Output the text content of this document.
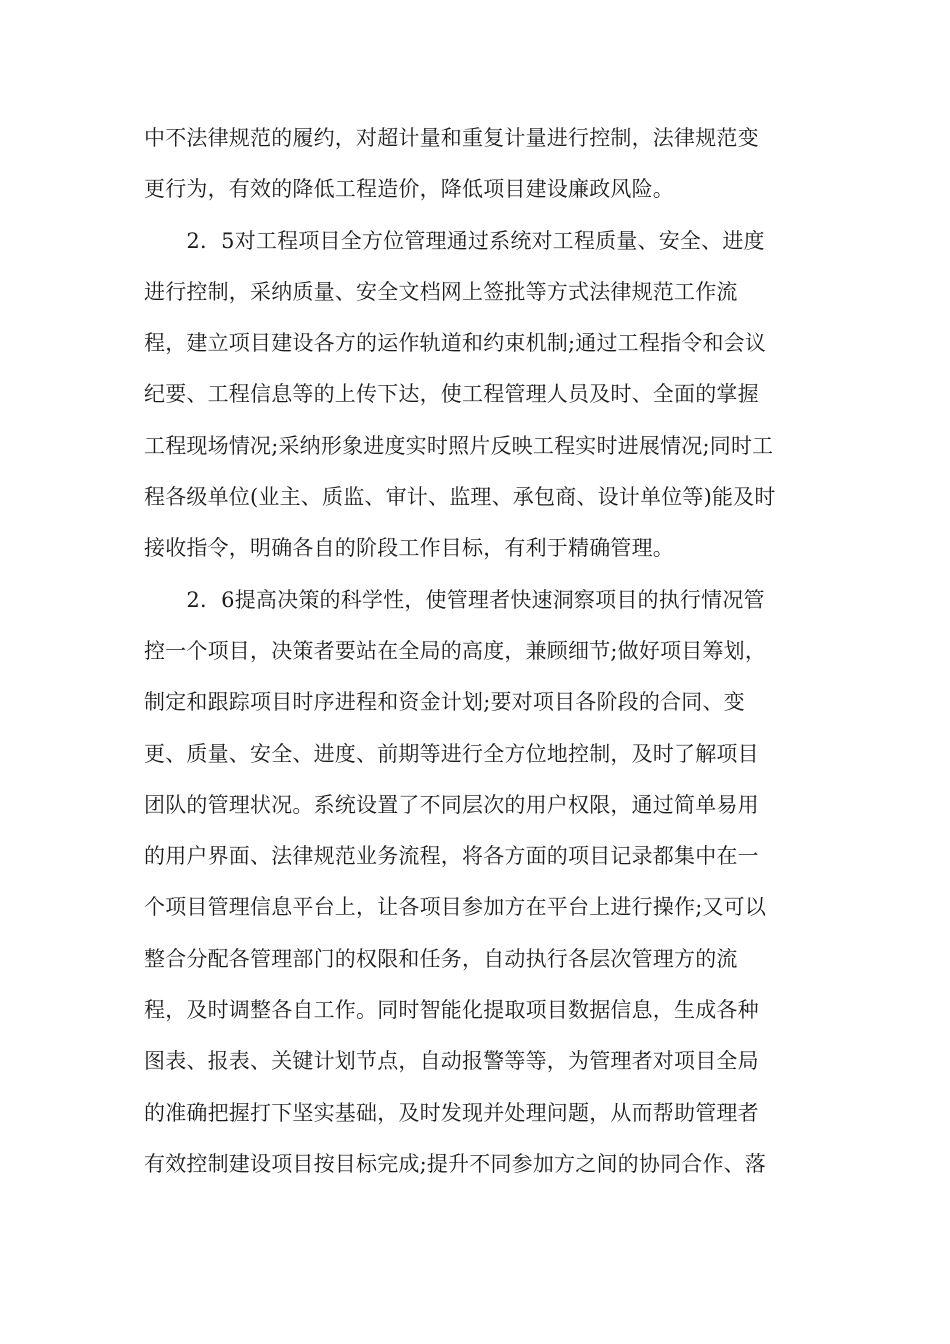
中不法律规范的履约，对超计量和重复计量进行控制，法律规范变
更行为，有效的降低工程造价，降低项目建设廉政风险。
　　2．5对工程项目全方位管理通过系统对工程质量、安全、进度
进行控制，采纳质量、安全文档网上签批等方式法律规范工作流
程，建立项目建设各方的运作轨道和约束机制;通过工程指令和会议
纪要、工程信息等的上传下达，使工程管理人员及时、全面的掌握
工程现场情况;采纳形象进度实时照片反映工程实时进展情况;同时工
程各级单位(业主、质监、审计、监理、承包商、设计单位等)能及时
接收指令，明确各自的阶段工作目标，有利于精确管理。
　　2．6提高决策的科学性，使管理者快速洞察项目的执行情况管
控一个项目，决策者要站在全局的高度，兼顾细节;做好项目筹划，
制定和跟踪项目时序进程和资金计划;要对项目各阶段的合同、变
更、质量、安全、进度、前期等进行全方位地控制，及时了解项目
团队的管理状况。系统设置了不同层次的用户权限，通过简单易用
的用户界面、法律规范业务流程，将各方面的项目记录都集中在一
个项目管理信息平台上，让各项目参加方在平台上进行操作;又可以
整合分配各管理部门的权限和任务，自动执行各层次管理方的流
程，及时调整各自工作。同时智能化提取项目数据信息，生成各种
图表、报表、关键计划节点，自动报警等等，为管理者对项目全局
的准确把握打下坚实基础，及时发现并处理问题，从而帮助管理者
有效控制建设项目按目标完成;提升不同参加方之间的协同合作、落
